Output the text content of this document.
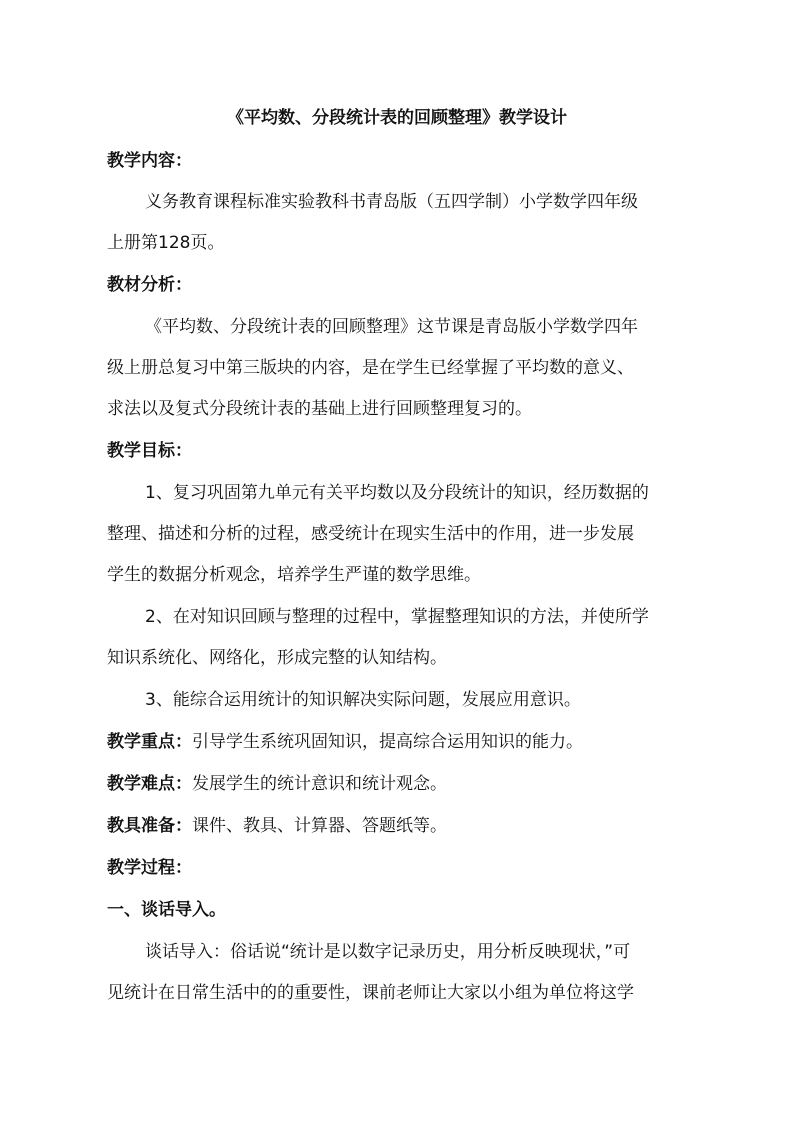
《平均数、分段统计表的回顾整理》教学设计
教学内容：
义务教育课程标准实验教科书青岛版（五四学制）小学数学四年级
上册第128页。
教材分析：
《平均数、分段统计表的回顾整理》这节课是青岛版小学数学四年
级上册总复习中第三版块的内容，是在学生已经掌握了平均数的意义、
求法以及复式分段统计表的基础上进行回顾整理复习的。
教学目标：
1、复习巩固第九单元有关平均数以及分段统计的知识，经历数据的
整理、描述和分析的过程，感受统计在现实生活中的作用，进一步发展
学生的数据分析观念，培养学生严谨的数学思维。
2、在对知识回顾与整理的过程中，掌握整理知识的方法，并使所学
知识系统化、网络化，形成完整的认知结构。
3、能综合运用统计的知识解决实际问题，发展应用意识。
教学重点：引导学生系统巩固知识，提高综合运用知识的能力。
教学难点：发展学生的统计意识和统计观念。
教具准备：课件、教具、计算器、答题纸等。
教学过程：
一、谈话导入。
谈话导入：俗话说“统计是以数字记录历史，用分析反映现状，”可
见统计在日常生活中的的重要性，课前老师让大家以小组为单位将这学
